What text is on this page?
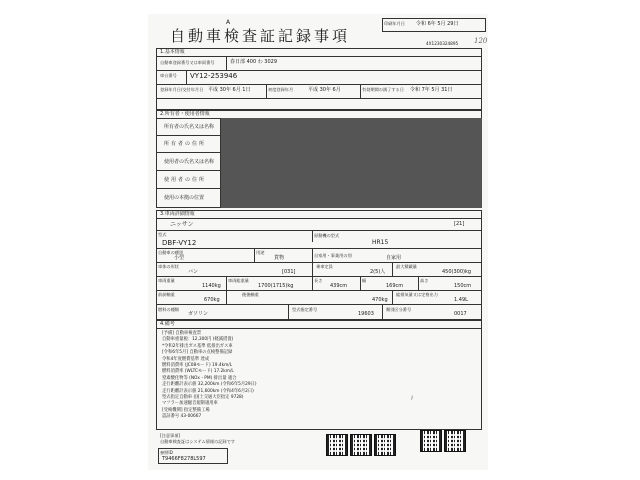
A
自動車検査証記録事項
印刷年月日 令和 6年 5月 29日
4X1230324895 120
1.基本情報
自動車登録番号又は車両番号	春日部 400 わ 3029
車台番号 VY12-253946
登録年月日/交付年月日 平成 30年 6月 1日	初度登録年月	平成 30年 6月	有効期間の満了する日 令和 7年 5月 31日
2.所有者・使用者情報
所有者の氏名又は名称
所有者の住所
使用者の氏名又は名称
使用者の住所
使用の本拠の位置
3.車両詳細情報
ニッサン	[21]
型式
DBF-VY12
原動機の型式
HR15
自動車の種別
小型
用途
貨物	自家用・事業用の別	自家用
車体の形状
バン	[031]
乗車定員
2(5)人
最大積載量
450(300)kg
車両重量
1140kg
車両総重量
1700(1715)kg
長さ
439cm
幅
169cm
高さ
150cm
前前軸重
670kg
後後軸重
470kg
総排気量又は定格出力
1.49L
燃料の種類
ガソリン
型式指定番号
19603
類別区分番号
0017
4.備考
ﾄ
[注意事項]
自動車検査証はシステム情報の記録です
参照ID
T9466F8278L597
[予備] 自動車検査票
自動車重量税：12,300円 (軽減措置)
*令和2年排出ガス基準 低排出ガス車
[令和6年5月] 自動車の点検整備記録
令和4年度燃費基準 達成
燃料消費率 (JC08モード) 19.4km/L
燃料消費率 (WLTCモード) 17.2km/L
窒素酸化物等 (NOx・PM) 排出量 適合
走行距離計表示値 32,200km (令和6年5月29日)
走行距離計表示値 21,600km (令和4年6月2日)
型式指定自動車 (国土交通大臣指定 9728)
マフラー加速騒音規制適用車
[受検機関] 指定整備工場
認証番号 43-00667
